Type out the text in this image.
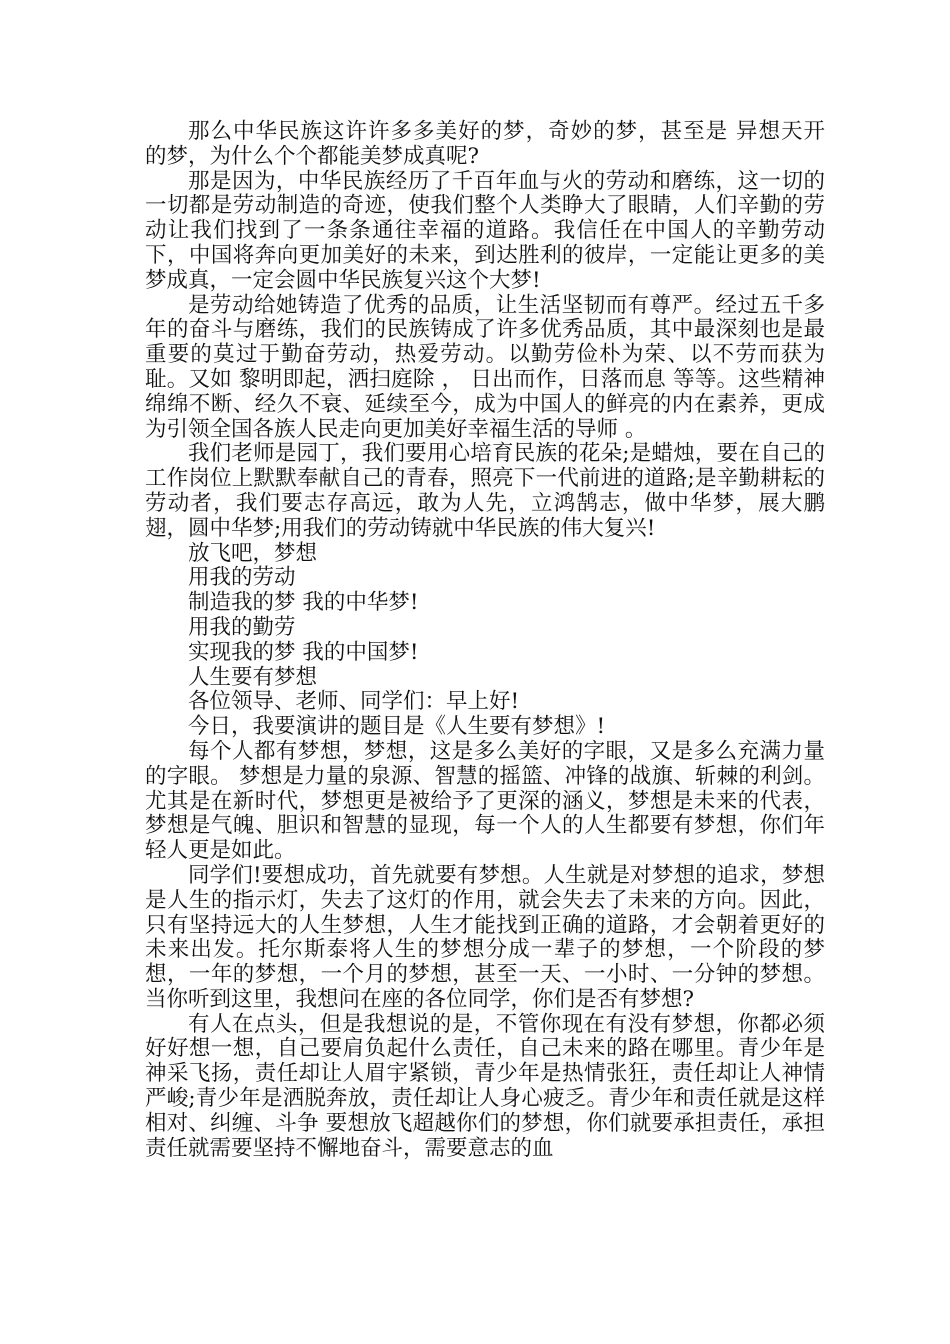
那么中华民族这许许多多美好的梦，奇妙的梦，甚至是 异想天开 的梦，为什么个个都能美梦成真呢?

那是因为，中华民族经历了千百年血与火的劳动和磨练，这一切的一切都是劳动制造的奇迹，使我们整个人类睁大了眼睛，人们辛勤的劳动让我们找到了一条条通往幸福的道路。我信任在中国人的辛勤劳动下，中国将奔向更加美好的未来，到达胜利的彼岸，一定能让更多的美梦成真，一定会圆中华民族复兴这个大梦!

是劳动给她铸造了优秀的品质，让生活坚韧而有尊严。经过五千多年的奋斗与磨练，我们的民族铸成了许多优秀品质，其中最深刻也是最重要的莫过于勤奋劳动，热爱劳动。以勤劳俭朴为荣、以不劳而获为耻。又如 黎明即起，洒扫庭除 ， 日出而作，日落而息 等等。这些精神绵绵不断、经久不衰、延续至今，成为中国人的鲜亮的内在素养，更成为引领全国各族人民走向更加美好幸福生活的导师 。

我们老师是园丁，我们要用心培育民族的花朵;是蜡烛，要在自己的工作岗位上默默奉献自己的青春，照亮下一代前进的道路;是辛勤耕耘的劳动者，我们要志存高远，敢为人先，立鸿鹄志，做中华梦，展大鹏翅，圆中华梦;用我们的劳动铸就中华民族的伟大复兴!

放飞吧，梦想

用我的劳动

制造我的梦 我的中华梦!

用我的勤劳

实现我的梦 我的中国梦!

人生要有梦想

各位领导、老师、同学们：早上好!

今日，我要演讲的题目是《人生要有梦想》!

每个人都有梦想，梦想，这是多么美好的字眼，又是多么充满力量的字眼。 梦想是力量的泉源、智慧的摇篮、冲锋的战旗、斩棘的利剑。尤其是在新时代，梦想更是被给予了更深的涵义，梦想是未来的代表，梦想是气魄、胆识和智慧的显现，每一个人的人生都要有梦想，你们年轻人更是如此。

同学们!要想成功，首先就要有梦想。人生就是对梦想的追求，梦想是人生的指示灯，失去了这灯的作用，就会失去了未来的方向。因此，只有坚持远大的人生梦想，人生才能找到正确的道路，才会朝着更好的未来出发。托尔斯泰将人生的梦想分成一辈子的梦想，一个阶段的梦想，一年的梦想，一个月的梦想，甚至一天、一小时、一分钟的梦想。当你听到这里，我想问在座的各位同学，你们是否有梦想?

有人在点头，但是我想说的是，不管你现在有没有梦想，你都必须好好想一想，自己要肩负起什么责任，自己未来的路在哪里。青少年是神采飞扬，责任却让人眉宇紧锁，青少年是热情张狂，责任却让人神情严峻;青少年是洒脱奔放，责任却让人身心疲乏。青少年和责任就是这样相对、纠缠、斗争 要想放飞超越你们的梦想，你们就要承担责任，承担责任就需要坚持不懈地奋斗，需要意志的血
